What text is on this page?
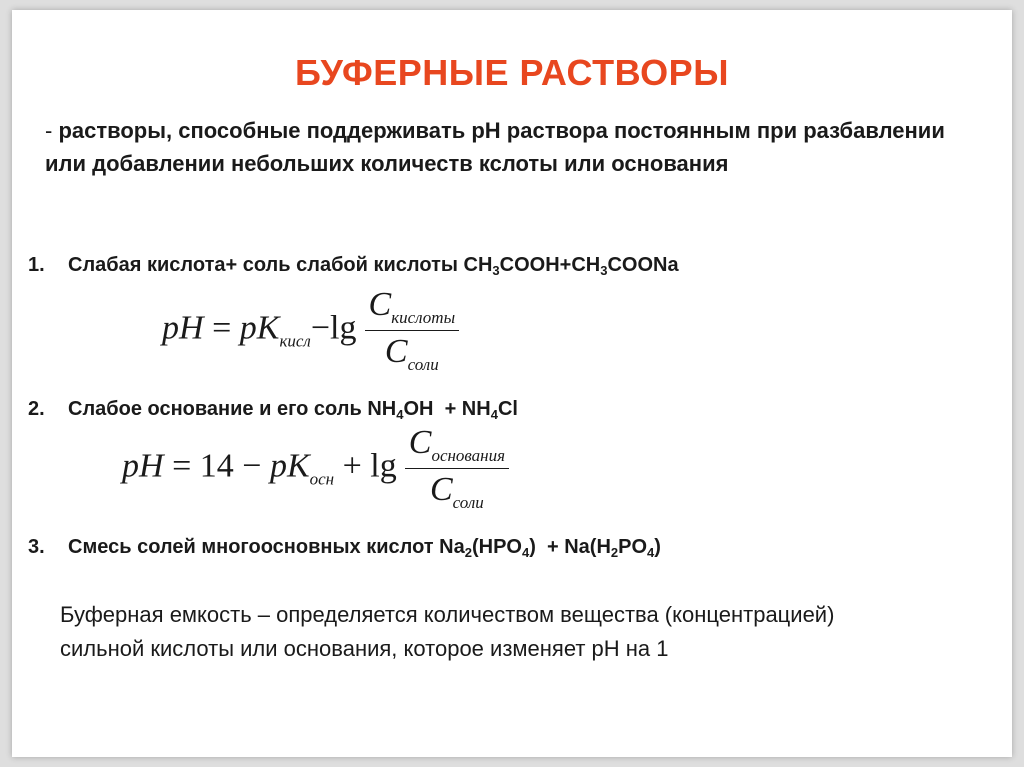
БУФЕРНЫЕ РАСТВОРЫ
- растворы, способные поддерживать рН раствора постоянным при разбавлении или добавлении небольших количеств кслоты или основания
1. Слабая кислота+ соль слабой кислоты $CH_3COOH+CH_3COONa$
pH = $pK_{кисл}-\lg \frac{C_{кислоты}}{C_{соли}}$
2. Слабое основание и его соль $NH_4OH + NH_4Cl$
pH = $14 - pK_{осн} + \lg \frac{C_{основания}}{C_{соли}}$
3. Смесь солей многоосновных кислот $Na_2(HPO_4) + Na(H_2PO_4)$
Буферная емкость – определяется количеством вещества (концентрацией) сильной кислоты или основания, которое изменяет рН на 1
